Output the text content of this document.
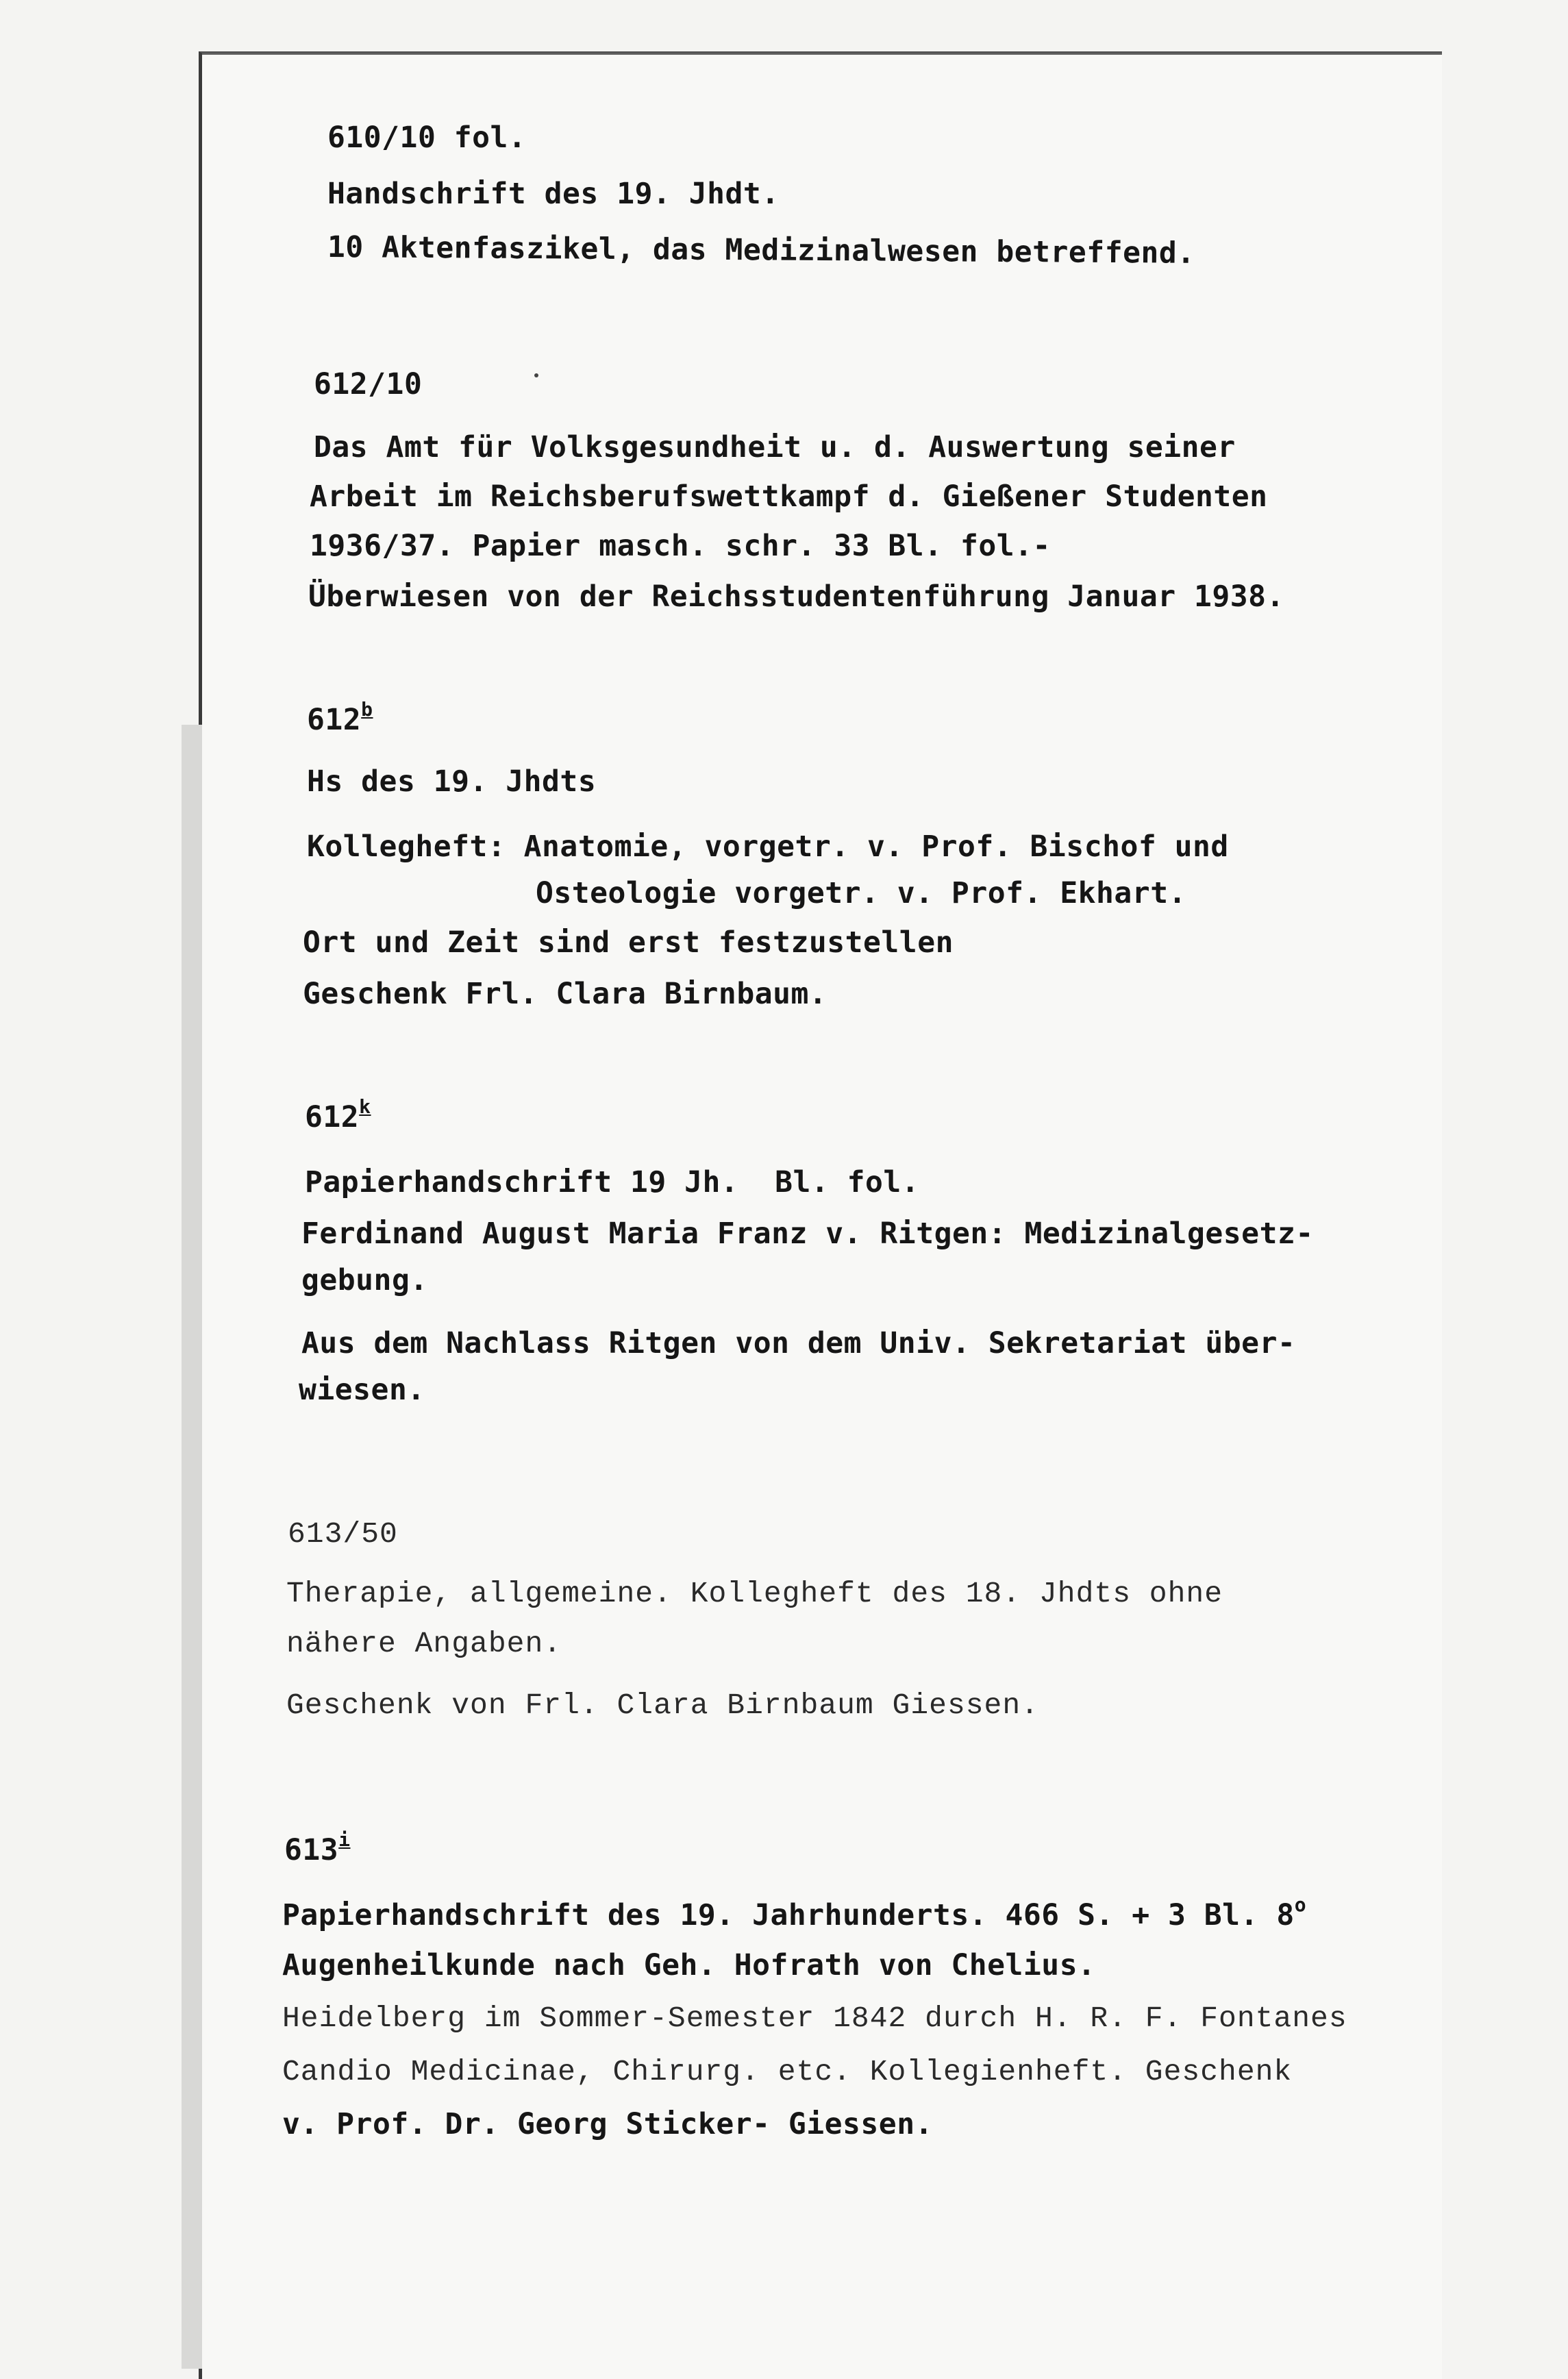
610/10 fol.
Handschrift des 19. Jhdt.
10 Aktenfaszikel, das Medizinalwesen betreffend.
612/10
Das Amt für Volksgesundheit u. d. Auswertung seiner
Arbeit im Reichsberufswettkampf d. Gießener Studenten
1936/37. Papier masch. schr. 33 Bl. fol.-
Überwiesen von der Reichsstudentenführung Januar 1938.
612$^b$
Hs des 19. Jhdts
Kollegheft: Anatomie, vorgetr. v. Prof. Bischof und
Osteologie vorgetr. v. Prof. Ekhart.
Ort und Zeit sind erst festzustellen
Geschenk Frl. Clara Birnbaum.
612$^k$
Papierhandschrift 19 Jh.  Bl. fol.
Ferdinand August Maria Franz v. Ritgen: Medizinalgesetz-
gebung.
Aus dem Nachlass Ritgen von dem Univ. Sekretariat über-
wiesen.
613/50
Therapie, allgemeine. Kollegheft des 18. Jhdts ohne
nähere Angaben.
Geschenk von Frl. Clara Birnbaum Giessen.
613$^i$
Papierhandschrift des 19. Jahrhunderts. 466 S. + 3 Bl. 8$^o$
Augenheilkunde nach Geh. Hofrath von Chelius.
Heidelberg im Sommer-Semester 1842 durch H. R. F. Fontanes
Candio Medicinae, Chirurg. etc. Kollegienheft. Geschenk
v. Prof. Dr. Georg Sticker- Giessen.
